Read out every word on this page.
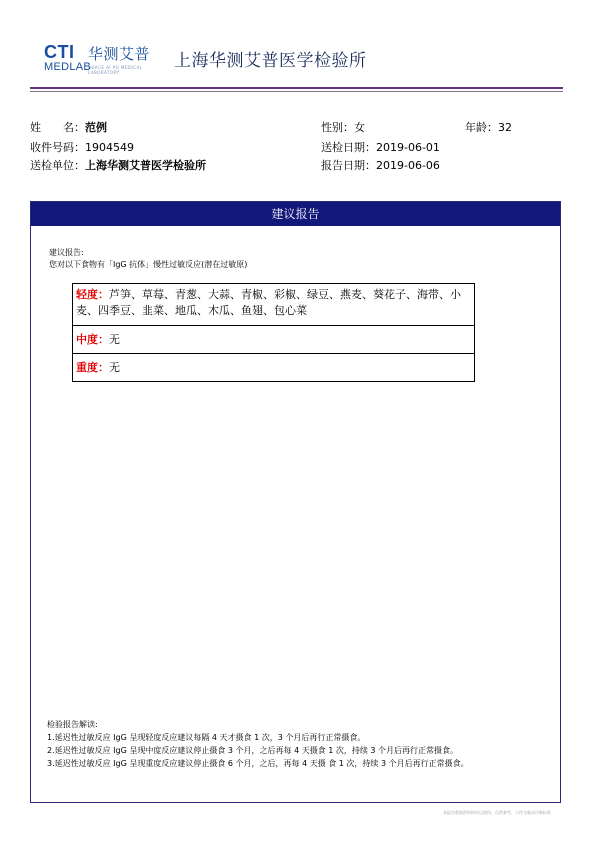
CTI 华测艾普
MEDLAB
HUACE AI PU MEDICAL LABORATORY
上海华测艾普医学检验所
姓　　名：范例	性别：女	年龄：32
收件号码：1904549	送检日期：2019-06-01
送检单位：上海华测艾普医学检验所	报告日期：2019-06-06
建议报告
建议报告:
您对以下食物有「IgG 抗体」慢性过敏反应(潜在过敏原)
轻度：芦笋、草莓、青葱、大蒜、青椒、彩椒、绿豆、燕麦、葵花子、海带、小麦、四季豆、韭菜、地瓜、木瓜、鱼翅、包心菜
中度：无
重度：无
检验报告解读:
1.延迟性过敏反应 IgG 呈现轻度反应建议每隔 4 天才摄食 1 次，3 个月后再行正常摄食。
2.延迟性过敏反应 IgG 呈现中度反应建议停止摄食 3 个月，之后再每 4 天摄食 1 次，持续 3 个月后再行正常摄食。
3.延迟性过敏反应 IgG 呈现重度反应建议停止摄食 6 个月，之后，再每 4 天摄 食 1 次，持续 3 个月后再行正常摄食。
本报告数据供科研项目使用，仅供参考，不作为临床诊断标准
